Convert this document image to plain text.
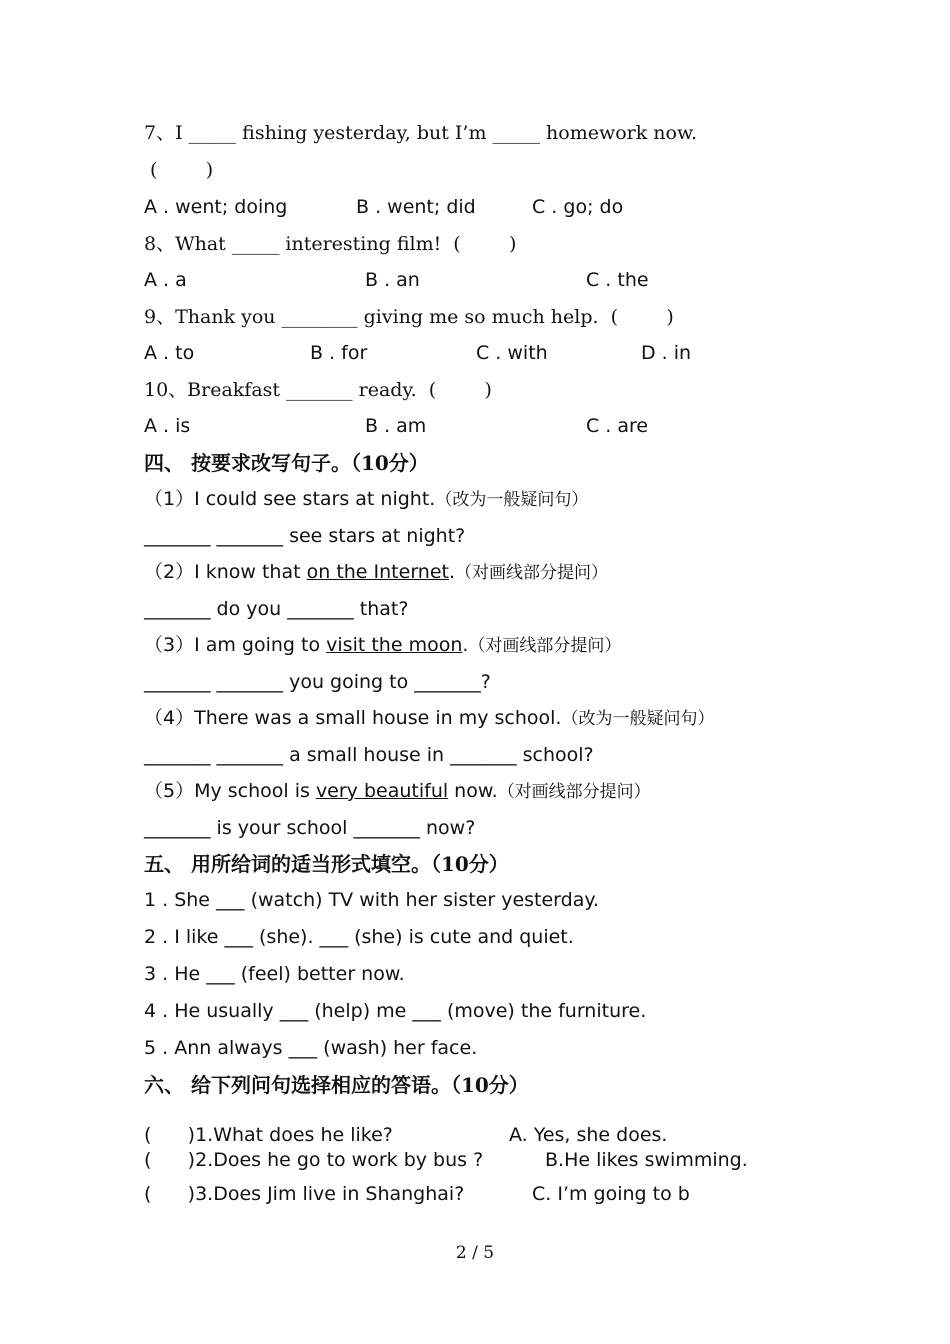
7、I _____ fishing yesterday, but I’m _____ homework now.
(        )
A . went; doing	B . went; did	C . go; do
8、What _____ interesting film!  (        )
A . a	B . an	C . the
9、Thank you ________ giving me so much help.  (        )
A . to	B . for	C . with	D . in
10、Breakfast _______ ready.  (        )
A . is	B . am	C . are
四、 按要求改写句子。（10分）
（1）I could see stars at night.（改为一般疑问句）
_______ _______ see stars at night?
（2）I know that on the Internet.（对画线部分提问）
_______ do you _______ that?
（3）I am going to visit the moon.（对画线部分提问）
_______ _______ you going to _______?
（4）There was a small house in my school.（改为一般疑问句）
_______ _______ a small house in _______ school?
（5）My school is very beautiful now.（对画线部分提问）
_______ is your school _______ now?
五、 用所给词的适当形式填空。（10分）
1 . She ___ (watch) TV with her sister yesterday.
2 . I like ___ (she). ___ (she) is cute and quiet.
3 . He ___ (feel) better now.
4 . He usually ___ (help) me ___ (move) the furniture.
5 . Ann always ___ (wash) her face.
六、 给下列问句选择相应的答语。（10分）
(      )1.What does he like?	A. Yes, she does.
(      )2.Does he go to work by bus ?	B.He likes swimming.
(      )3.Does Jim live in Shanghai?	C. I’m going to b
2 / 5
